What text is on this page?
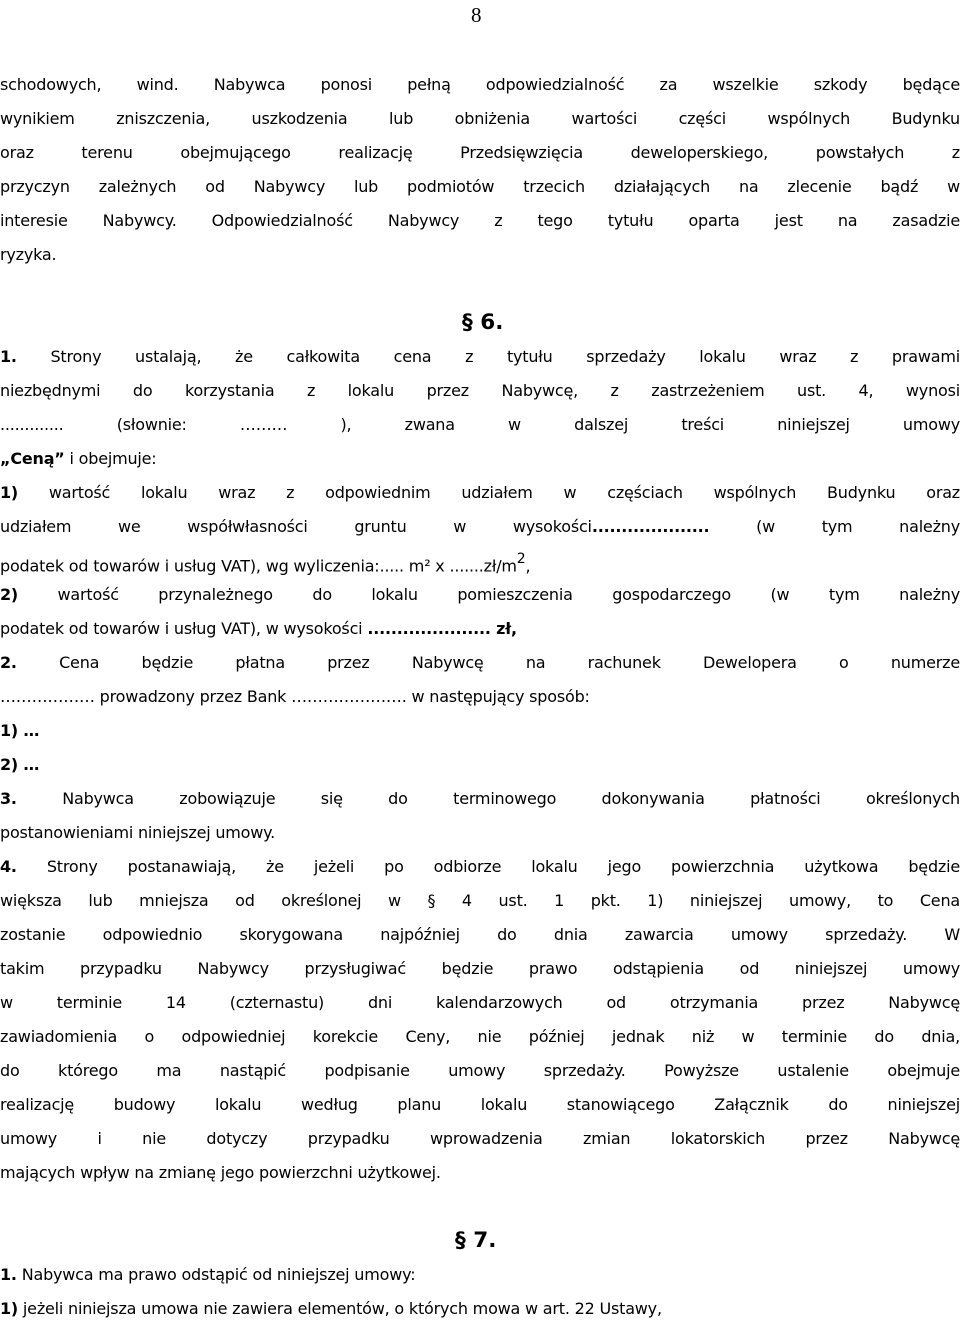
8
schodowych, wind. Nabywca ponosi pełną odpowiedzialność za wszelkie szkody będące
wynikiem zniszczenia, uszkodzenia lub obniżenia wartości części wspólnych Budynku
oraz terenu obejmującego realizację Przedsięwzięcia deweloperskiego, powstałych z
przyczyn zależnych od Nabywcy lub podmiotów trzecich działających na zlecenie bądź w
interesie Nabywcy. Odpowiedzialność Nabywcy z tego tytułu oparta jest na zasadzie
ryzyka.
§ 6.
1. Strony ustalają, że całkowita cena z tytułu sprzedaży lokalu wraz z prawami
niezbędnymi do korzystania z lokalu przez Nabywcę, z zastrzeżeniem ust. 4, wynosi
............. (słownie: ……… ), zwana w dalszej treści niniejszej umowy
„Ceną” i obejmuje:
1) wartość lokalu wraz z odpowiednim udziałem w częściach wspólnych Budynku oraz
udziałem we współwłasności gruntu w wysokości.................... (w tym należny
podatek od towarów i usług VAT), wg wyliczenia:..... m² x $.......zł/m^2$,
2) wartość przynależnego do lokalu pomieszczenia gospodarczego (w tym należny
podatek od towarów i usług VAT), w wysokości ..................... zł,
2. Cena będzie płatna przez Nabywcę na rachunek Dewelopera o numerze
……………… prowadzony przez Bank …………………. w następujący sposób:
1) …
2) …
3. Nabywca zobowiązuje się do terminowego dokonywania płatności określonych
postanowieniami niniejszej umowy.
4. Strony postanawiają, że jeżeli po odbiorze lokalu jego powierzchnia użytkowa będzie
większa lub mniejsza od określonej w § 4 ust. 1 pkt. 1) niniejszej umowy, to Cena
zostanie odpowiednio skorygowana najpóźniej do dnia zawarcia umowy sprzedaży. W
takim przypadku Nabywcy przysługiwać będzie prawo odstąpienia od niniejszej umowy
w terminie 14 (czternastu) dni kalendarzowych od otrzymania przez Nabywcę
zawiadomienia o odpowiedniej korekcie Ceny, nie później jednak niż w terminie do dnia,
do którego ma nastąpić podpisanie umowy sprzedaży. Powyższe ustalenie obejmuje
realizację budowy lokalu według planu lokalu stanowiącego Załącznik do niniejszej
umowy i nie dotyczy przypadku wprowadzenia zmian lokatorskich przez Nabywcę
mających wpływ na zmianę jego powierzchni użytkowej.
§ 7.
1. Nabywca ma prawo odstąpić od niniejszej umowy:
1) jeżeli niniejsza umowa nie zawiera elementów, o których mowa w art. 22 Ustawy,
